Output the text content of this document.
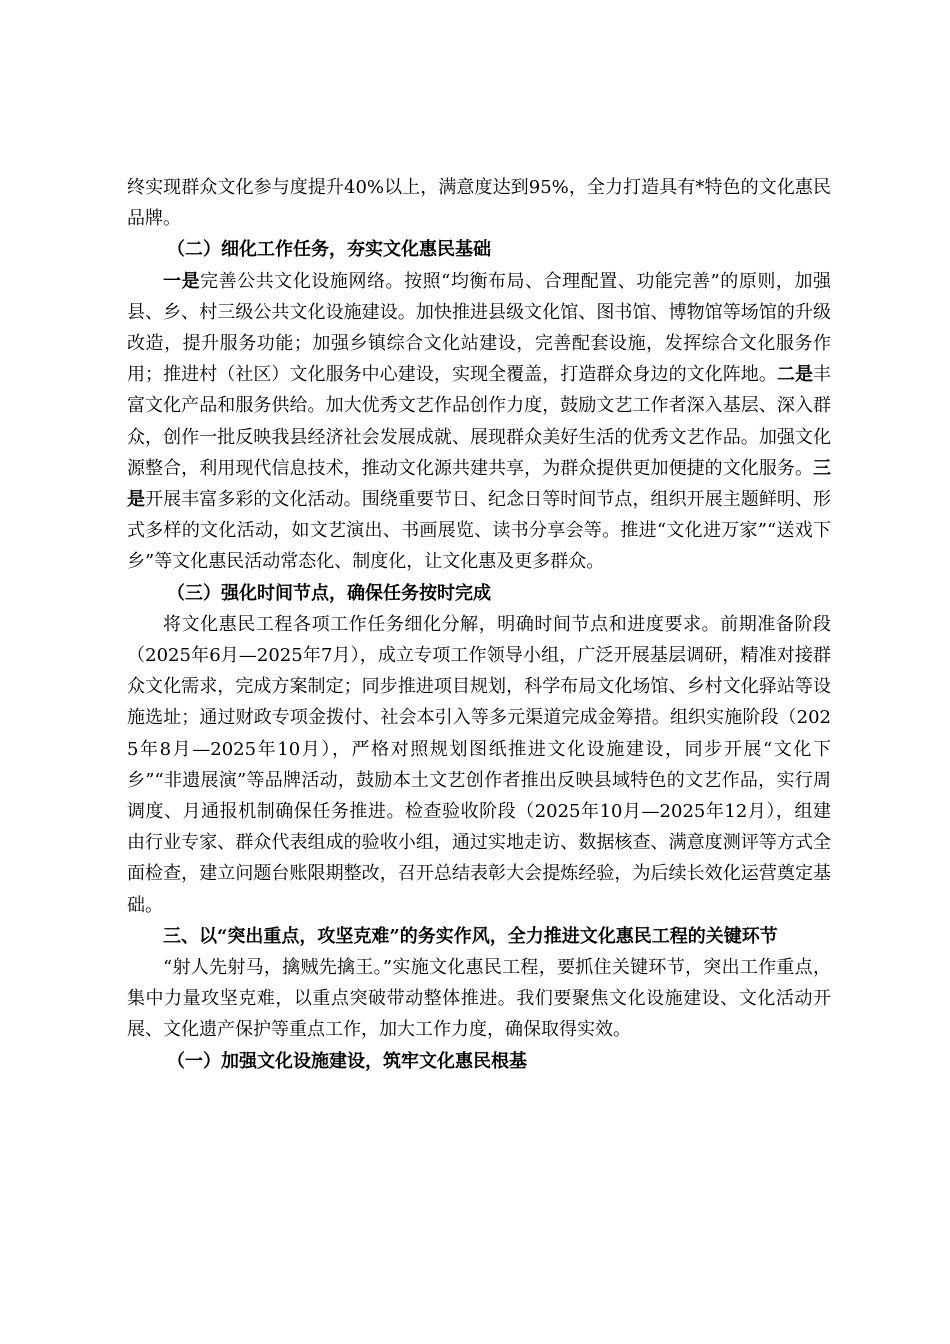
终实现群众文化参与度提升40%以上，满意度达到95%，全力打造具有*特色的文化惠民品牌。

（二）细化工作任务，夯实文化惠民基础

一是完善公共文化设施网络。按照“均衡布局、合理配置、功能完善”的原则，加强县、乡、村三级公共文化设施建设。加快推进县级文化馆、图书馆、博物馆等场馆的升级改造，提升服务功能；加强乡镇综合文化站建设，完善配套设施，发挥综合文化服务作用；推进村（社区）文化服务中心建设，实现全覆盖，打造群众身边的文化阵地。二是丰富文化产品和服务供给。加大优秀文艺作品创作力度，鼓励文艺工作者深入基层、深入群众，创作一批反映我县经济社会发展成就、展现群众美好生活的优秀文艺作品。加强文化源整合，利用现代信息技术，推动文化源共建共享，为群众提供更加便捷的文化服务。三是开展丰富多彩的文化活动。围绕重要节日、纪念日等时间节点，组织开展主题鲜明、形式多样的文化活动，如文艺演出、书画展览、读书分享会等。推进“文化进万家”“送戏下乡”等文化惠民活动常态化、制度化，让文化惠及更多群众。

（三）强化时间节点，确保任务按时完成

将文化惠民工程各项工作任务细化分解，明确时间节点和进度要求。前期准备阶段（2025年6月—2025年7月），成立专项工作领导小组，广泛开展基层调研，精准对接群众文化需求，完成方案制定；同步推进项目规划，科学布局文化场馆、乡村文化驿站等设施选址；通过财政专项金拨付、社会本引入等多元渠道完成金筹措。组织实施阶段（2025年8月—2025年10月），严格对照规划图纸推进文化设施建设，同步开展“文化下乡”“非遗展演”等品牌活动，鼓励本土文艺创作者推出反映县域特色的文艺作品，实行周调度、月通报机制确保任务推进。检查验收阶段（2025年10月—2025年12月），组建由行业专家、群众代表组成的验收小组，通过实地走访、数据核查、满意度测评等方式全面检查，建立问题台账限期整改，召开总结表彰大会提炼经验，为后续长效化运营奠定基础。

三、以“突出重点，攻坚克难”的务实作风，全力推进文化惠民工程的关键环节

“射人先射马，擒贼先擒王。”实施文化惠民工程，要抓住关键环节，突出工作重点，集中力量攻坚克难，以重点突破带动整体推进。我们要聚焦文化设施建设、文化活动开展、文化遗产保护等重点工作，加大工作力度，确保取得实效。

（一）加强文化设施建设，筑牢文化惠民根基
